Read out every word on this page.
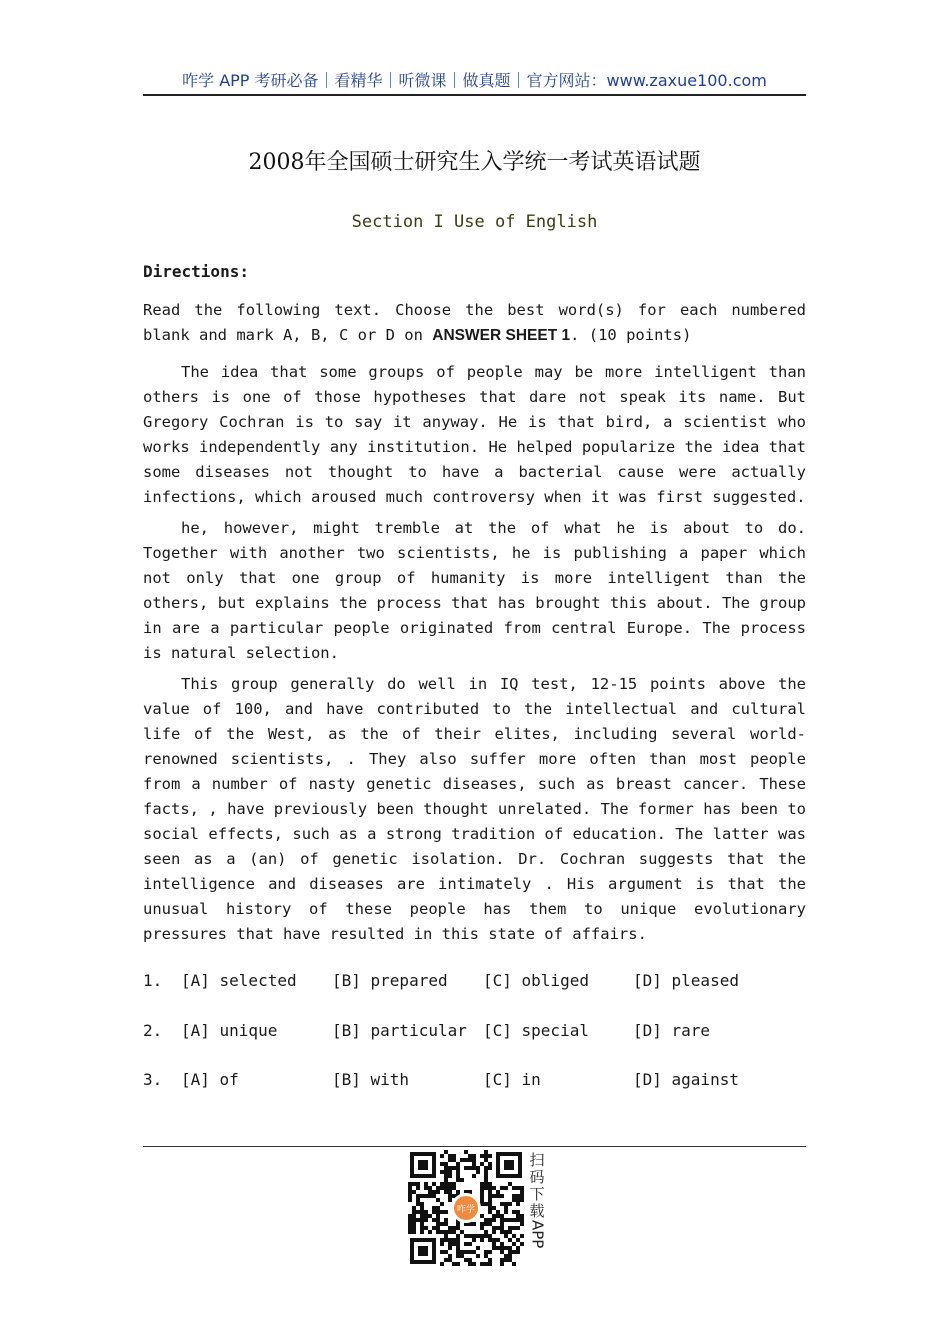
咋学 APP 考研必备｜看精华｜听微课｜做真题｜官方网站：www.zaxue100.com
2008年全国硕士研究生入学统一考试英语试题
Section I Use of English
Directions:

Read the following text. Choose the best word(s) for each numbered blank and mark A, B, C or D on ANSWER SHEET 1. (10 points)

The idea that some groups of people may be more intelligent than others is one of those hypotheses that dare not speak its name. But Gregory Cochran is to say it anyway. He is that bird, a scientist who works independently any institution. He helped popularize the idea that some diseases not thought to have a bacterial cause were actually infections, which aroused much controversy when it was first suggested.

he, however, might tremble at the of what he is about to do. Together with another two scientists, he is publishing a paper which not only that one group of humanity is more intelligent than the others, but explains the process that has brought this about. The group in are a particular people originated from central Europe. The process is natural selection.

This group generally do well in IQ test, 12-15 points above the value of 100, and have contributed to the intellectual and cultural life of the West, as the of their elites, including several world-renowned scientists, . They also suffer more often than most people from a number of nasty genetic diseases, such as breast cancer. These facts, , have previously been thought unrelated. The former has been to social effects, such as a strong tradition of education. The latter was seen as a (an) of genetic isolation. Dr. Cochran suggests that the intelligence and diseases are intimately . His argument is that the unusual history of these people has them to unique evolutionary pressures that have resulted in this state of affairs.

1. [A] selected [B] prepared [C] obliged	[D] pleased
2. [A] unique	[B] particular [C] special	[D] rare
3. [A] of	[B] with	[C] in	[D] against
咋学
扫
码
下
载
APP
